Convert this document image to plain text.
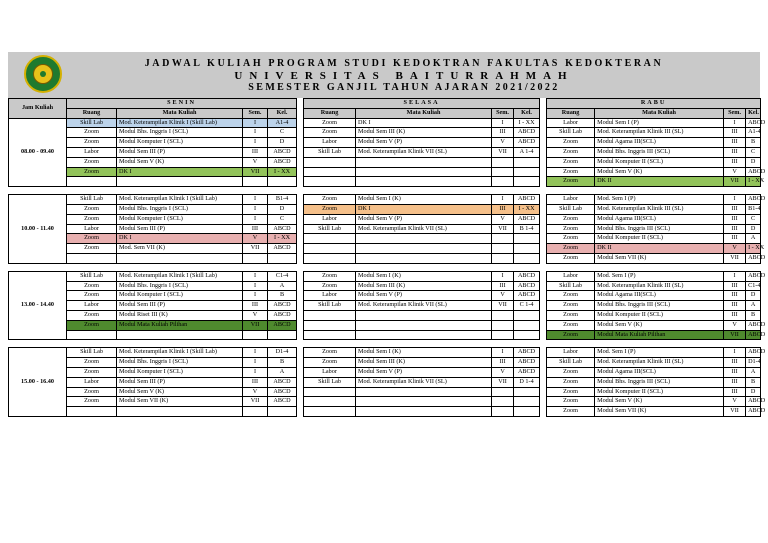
JADWAL KULIAH PROGRAM STUDI KEDOKTRAN FAKULTAS KEDOKTERAN
UNIVERSITAS BAITURRAHMAH
SEMESTER GANJIL TAHUN AJARAN 2021/2022
Jam Kuliah	SENIN					SELASA					RABU			
	Ruang	Mata Kuliah	Sem.	Kel.		Ruang	Mata Kuliah	Sem.	Kel.		Ruang	Mata Kuliah	Sem.	Kel.
08.00 - 09.40	Skill Lab	Mod. Keterampilan Klinik I (Skill Lab)	I	A1-4		Zoom	DK I	I	I - XX		Labor	Modul Sem I (P)	I	ABCD
	Zoom	Modul Bhs. Inggris I (SCL)	I	C		Zoom	Modul Sem III (K)	III	ABCD		Skill Lab	Mod. Keterampilan Klinik III (SL)	III	A1-4
	Zoom	Modul Komputer I (SCL)	I	D		Labor	Modul Sem V (P)	V	ABCD		Zoom	Modul Agama III(SCL)	III	B
	Labor	Modul Sem III (P)	III	ABCD		Skill Lab	Mod. Keterampilan Klinik VII (SL)	VII	A 1-4		Zoom	Modul Bhs. Inggris III (SCL)	III	C
	Zoom	Modul Sem V (K)	V	ABCD							Zoom	Modul Komputer II (SCL)	III	D
	Zoom	DK I	VII	I - XX							Zoom	Modul Sem V (K)	V	ABCD
											Zoom	DK II	VII	I - XX

10.00 - 11.40	Skill Lab	Mod. Keterampilan Klinik I (Skill Lab)	I	B1-4		Zoom	Modul Sem I (K)	I	ABCD		Labor	Mod. Sem I (P)	I	ABCD
	Zoom	Modul Bhs. Inggris I (SCL)	I	D		Zoom	DK I	III	I - XX		Skill Lab	Mod. Keterampilan Klinik III (SL)	III	B1-4
	Zoom	Modul Komputer I (SCL)	I	C		Labor	Modul Sem V (P)	V	ABCD		Zoom	Modul Agama III(SCL)	III	C
	Labor	Modul Sem III (P)	III	ABCD		Skill Lab	Mod. Keterampilan Klinik VII (SL)	VII	B 1-4		Zoom	Modul Bhs. Inggris III (SCL)	III	D
	Zoom	DK I	V	I - XX							Zoom	Modul Komputer II (SCL)	III	A
	Zoom	Mod. Sem VII (K)	VII	ABCD							Zoom	DK II	V	I - XX
											Zoom	Modul Sem VII (K)	VII	ABCD

13.00 - 14.40	Skill Lab	Mod. Keterampilan Klinik I (Skill Lab)	I	C1-4		Zoom	Modul Sem I (K)	I	ABCD		Labor	Mod. Sem I (P)	I	ABCD
	Zoom	Modul Bhs. Inggris I (SCL)	I	A		Zoom	Modul Sem III (K)	III	ABCD		Skill Lab	Mod. Keterampilan Klinik III (SL)	III	C1-4
	Zoom	Modul Komputer I (SCL)	I	B		Labor	Modul Sem V (P)	V	ABCD		Zoom	Modul Agama III(SCL)	III	D
	Labor	Modul Sem III (P)	III	ABCD		Skill Lab	Mod. Keterampilan Klinik VII (SL)	VII	C 1-4		Zoom	Modul Bhs. Inggris III (SCL)	III	A
	Zoom	Modul Riset III (K)	V	ABCD							Zoom	Modul Komputer II (SCL)	III	B
	Zoom	Modul Mata Kuliah Pilihan	VII	ABCD							Zoom	Modul Sem V (K)	V	ABCD
											Zoom	Modul Mata Kuliah Pilihan	VII	ABCD

15.00 - 16.40	Skill Lab	Mod. Keterampilan Klinik I (Skill Lab)	I	D1-4		Zoom	Modul Sem I (K)	I	ABCD		Labor	Mod. Sem I (P)	I	ABCD
	Zoom	Modul Bhs. Inggris I (SCL)	I	B		Zoom	Modul Sem III (K)	III	ABCD		Skill Lab	Mod. Keterampilan Klinik III (SL)	III	D1-4
	Zoom	Modul Komputer I (SCL)	I	A		Labor	Modul Sem V (P)	V	ABCD		Zoom	Modul Agama III(SCL)	III	A
	Labor	Modul Sem III (P)	III	ABCD		Skill Lab	Mod. Keterampilan Klinik VII (SL)	VII	D 1-4		Zoom	Modul Bhs. Inggris III (SCL)	III	B
	Zoom	Modul Sem V (K)	V	ABCD							Zoom	Modul Komputer II (SCL)	III	D
	Zoom	Modul Sem VII (K)	VII	ABCD							Zoom	Modul Sem V (K)	V	ABCD
											Zoom	Modul Sem VII (K)	VII	ABCD
